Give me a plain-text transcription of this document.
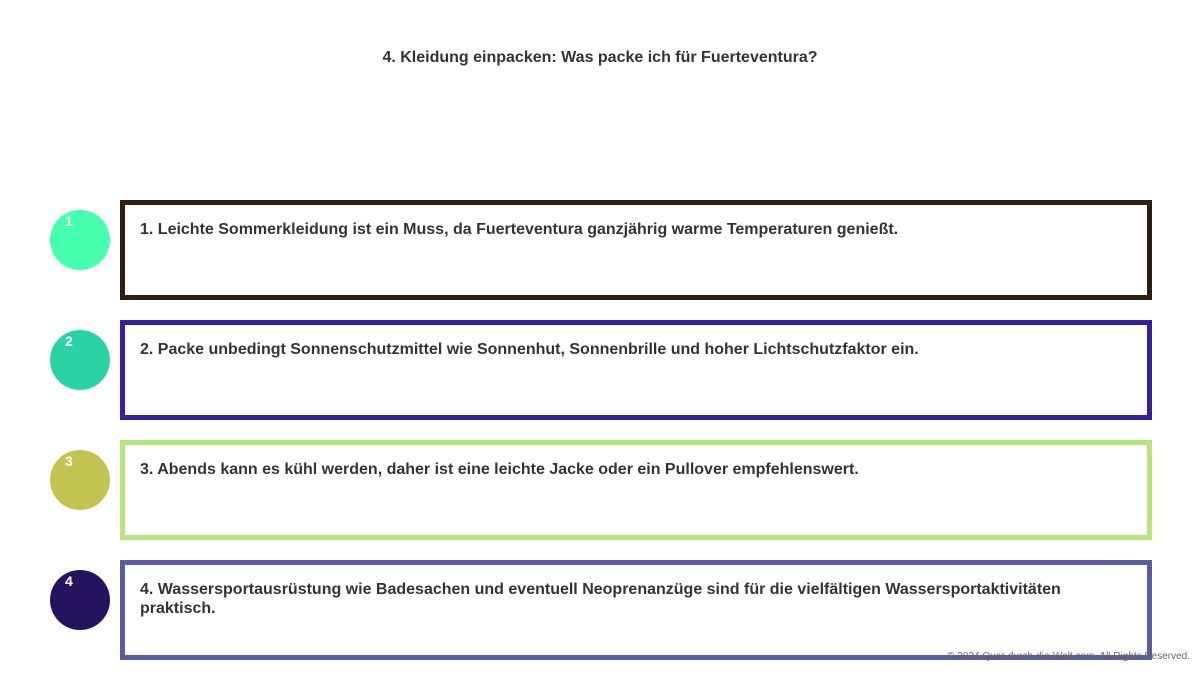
4. Kleidung einpacken: Was packe ich für Fuerteventura?
1	1. Leichte Sommerkleidung ist ein Muss, da Fuerteventura ganzjährig warme Temperaturen genießt.
2	2. Packe unbedingt Sonnenschutzmittel wie Sonnenhut, Sonnenbrille und hoher Lichtschutzfaktor ein.
3	3. Abends kann es kühl werden, daher ist eine leichte Jacke oder ein Pullover empfehlenswert.
4	4. Wassersportausrüstung wie Badesachen und eventuell Neoprenanzüge sind für die vielfältigen Wassersportaktivitäten praktisch.
© 2024 Quer-durch-die-Welt.com. All Rights Reserved.
